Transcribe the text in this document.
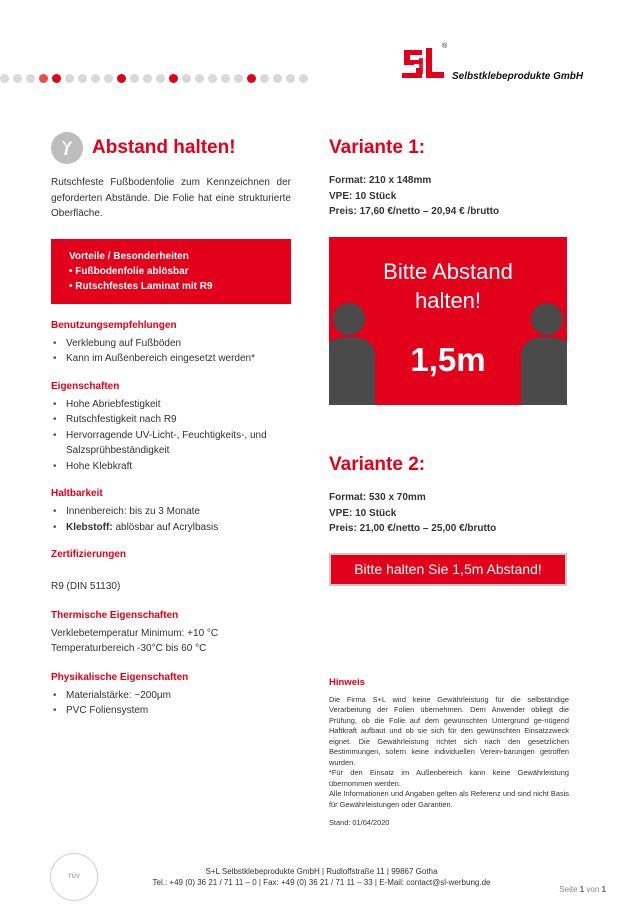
®
Selbstklebeprodukte GmbH
Abstand halten!

Rutschfeste Fußbodenfolie zum Kennzeichnen der geforderten Abstände. Die Folie hat eine strukturierte Oberfläche.

Vorteile / Besonderheiten
• Fußbodenfolie ablösbar
• Rutschfestes Laminat mit R9
Benutzungsempfehlungen
• Verklebung auf Fußböden
• Kann im Außenbereich eingesetzt werden*
Eigenschaften
• Hohe Abriebfestigkeit
• Rutschfestigkeit nach R9
• Hervorragende UV-Licht-, Feuchtigkeits-, und Salzsprühbeständigkeit
• Hohe Klebkraft
Haltbarkeit
• Innenbereich: bis zu 3 Monate
• Klebstoff: ablösbar auf Acrylbasis
Zertifizierungen
R9 (DIN 51130)
Thermische Eigenschaften
Verklebetemperatur Minimum: +10 °C
Temperaturbereich -30°C bis 60 °C
Physikalische Eigenschaften
• Materialstärke: ~200µm
• PVC Foliensystem
Variante 1:
Format: 210 x 148mm
VPE: 10 Stück
Preis: 17,60 €/netto – 20,94 € /brutto
Bitte Abstand
halten!
1,5m
Variante 2:
Format: 530 x 70mm
VPE: 10 Stück
Preis: 21,00 €/netto – 25,00 €/brutto
Bitte halten Sie 1,5m Abstand!
Hinweis

Die Firma S+L wird keine Gewährleistung für die selbständige Verarbeitung der Folien übernehmen. Dem Anwender obliegt die Prüfung, ob die Folie auf dem gewünschten Untergrund ge-nügend Haftkraft aufbaut und ob sie sich für den gewünschten Einsatzzweck eignet. Die Gewährleistung richtet sich nach den gesetzlichen Bestimmungen, sofern keine individuellen Verein-barungen getroffen wurden.

*Für den Einsatz im Außenbereich kann keine Gewährleistung übernommen werden.

Alle Informationen und Angaben gelten als Referenz und sind nicht Basis für Gewährleistungen oder Garantien.

Stand: 01/04/2020

TÜV
S+L Selbstklebeprodukte GmbH | Rudloffstraße 11 | 99867 Gotha
Tel.: +49 (0) 36 21 / 71 11 – 0 | Fax: +49 (0) 36 21 / 71 11 – 33 | E-Mail: contact@sl-werbung.de
Seite 1 von 1
